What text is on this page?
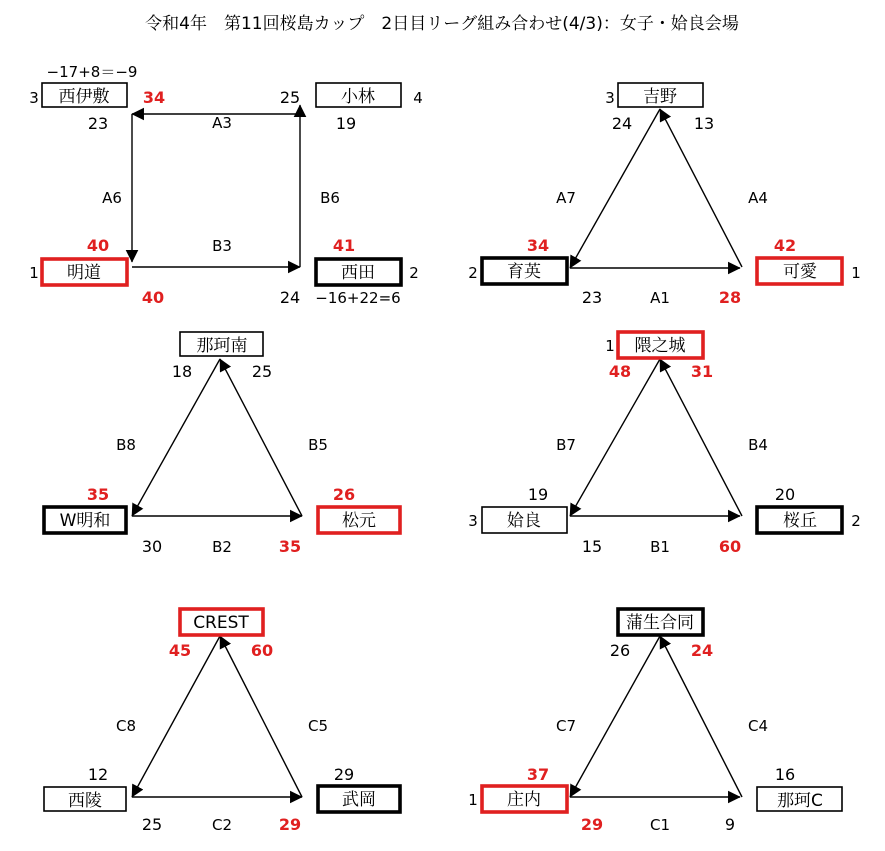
令和4年　第11回桜島カップ　2日目リーグ組み合わせ(4/3)：女子・姶良会場
西伊敷
3	小林	4
明道
1	西田 2
A3
A6
B3
B6
34
23
25
19
40
40
41
24
−17+8＝−9
−16+22=6
吉野
3
育英
2	可愛 1
A7	A4
A1
24	13
34	42
23	28
那珂南
W明和	松元
B8	B5
B2
18	25
35	26
30	35
隈之城
1
姶良
3	桜丘 2
B7	B4
B1
48	31
19	20
15	60
CREST
西陵	武岡
C8	C5
C2
45	60
12	29
25	29
蒲生合同
庄内
1	那珂C
C7	C4
C1
26	24
37	16
29	9
